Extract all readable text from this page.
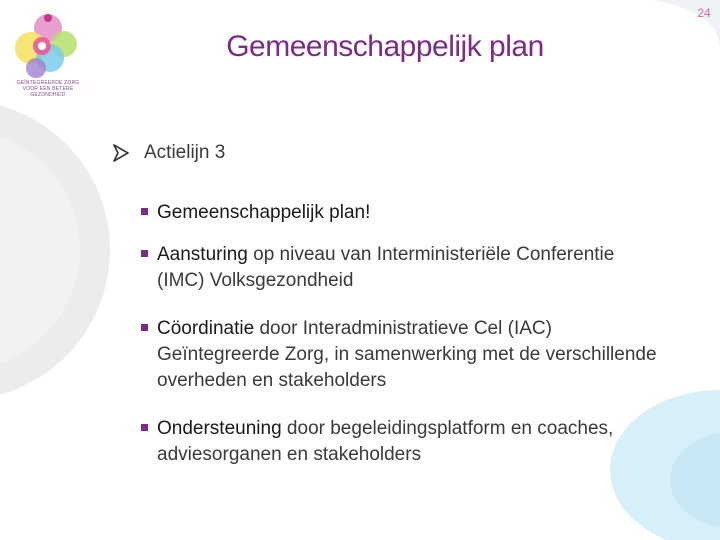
GEÏNTEGREERDE ZORG
VOOR EEN BETERE GEZONDHEID
24
Gemeenschappelijk plan
Actielijn 3
Gemeenschappelijk plan!
Aansturing op niveau van Interministeriële Conferentie (IMC) Volksgezondheid
Cöordinatie door Interadministratieve Cel (IAC) Geïntegreerde Zorg, in samenwerking met de verschillende overheden en stakeholders
Ondersteuning door begeleidingsplatform en coaches, adviesorganen en stakeholders
